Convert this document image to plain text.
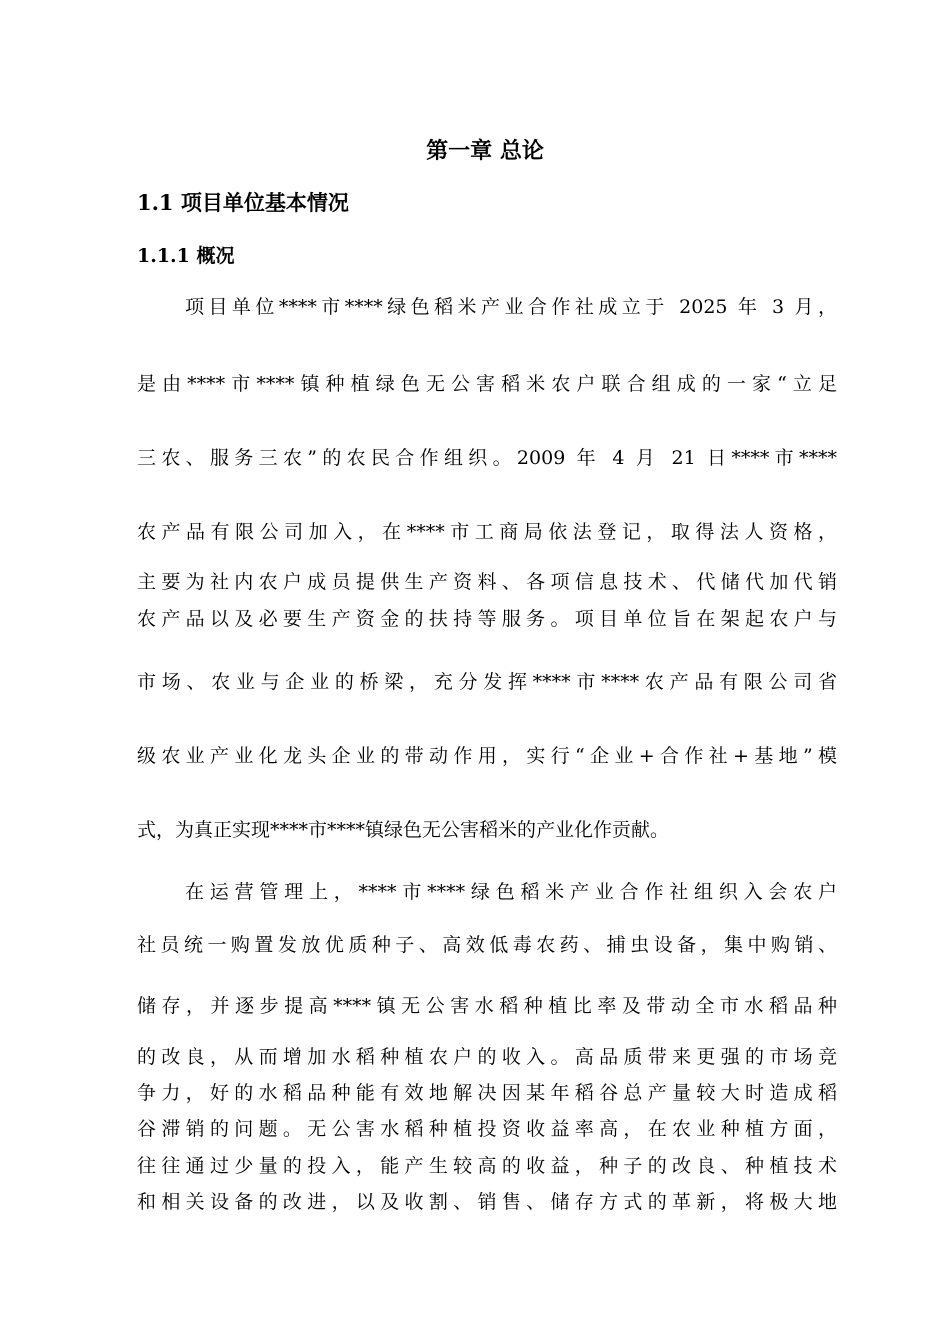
第一章 总论
1.1 项目单位基本情况
1.1.1 概况
项目单位****市****绿色稻米产业合作社成立于 2025 年 3 月，
是由****市****镇种植绿色无公害稻米农户联合组成的一家“立足
三农、服务三农”的农民合作组织。2009 年 4 月 21 日****市****
农产品有限公司加入，在****市工商局依法登记，取得法人资格，
主要为社内农户成员提供生产资料、各项信息技术、代储代加代销
农产品以及必要生产资金的扶持等服务。项目单位旨在架起农户与
市场、农业与企业的桥梁，充分发挥****市****农产品有限公司省
级农业产业化龙头企业的带动作用，实行“企业+合作社+基地”模
式，为真正实现****市****镇绿色无公害稻米的产业化作贡献。
在运营管理上，****市****绿色稻米产业合作社组织入会农户
社员统一购置发放优质种子、高效低毒农药、捕虫设备，集中购销、
储存，并逐步提高****镇无公害水稻种植比率及带动全市水稻品种
的改良，从而增加水稻种植农户的收入。高品质带来更强的市场竞
争力，好的水稻品种能有效地解决因某年稻谷总产量较大时造成稻
谷滞销的问题。无公害水稻种植投资收益率高，在农业种植方面，
往往通过少量的投入，能产生较高的收益，种子的改良、种植技术
和相关设备的改进，以及收割、销售、储存方式的革新，将极大地
